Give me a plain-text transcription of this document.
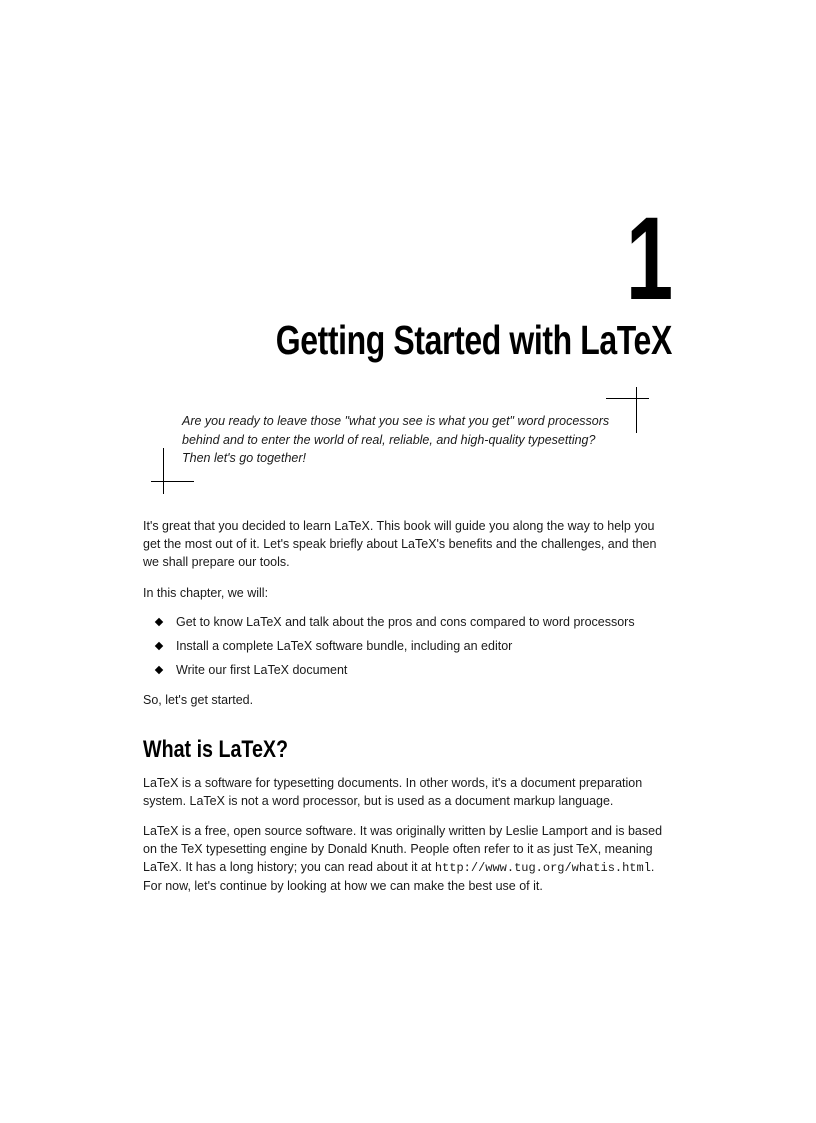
1
Getting Started with LaTeX
Are you ready to leave those "what you see is what you get" word processors
behind and to enter the world of real, reliable, and high-quality typesetting?
Then let's go together!
It's great that you decided to learn LaTeX. This book will guide you along the way to help you
get the most out of it. Let's speak briefly about LaTeX's benefits and the challenges, and then
we shall prepare our tools.
In this chapter, we will:
Get to know LaTeX and talk about the pros and cons compared to word processors
Install a complete LaTeX software bundle, including an editor
Write our first LaTeX document
So, let's get started.
What is LaTeX?
LaTeX is a software for typesetting documents. In other words, it's a document preparation
system. LaTeX is not a word processor, but is used as a document markup language.
LaTeX is a free, open source software. It was originally written by Leslie Lamport and is based
on the TeX typesetting engine by Donald Knuth. People often refer to it as just TeX, meaning
LaTeX. It has a long history; you can read about it at http://www.tug.org/whatis.html.
For now, let's continue by looking at how we can make the best use of it.
